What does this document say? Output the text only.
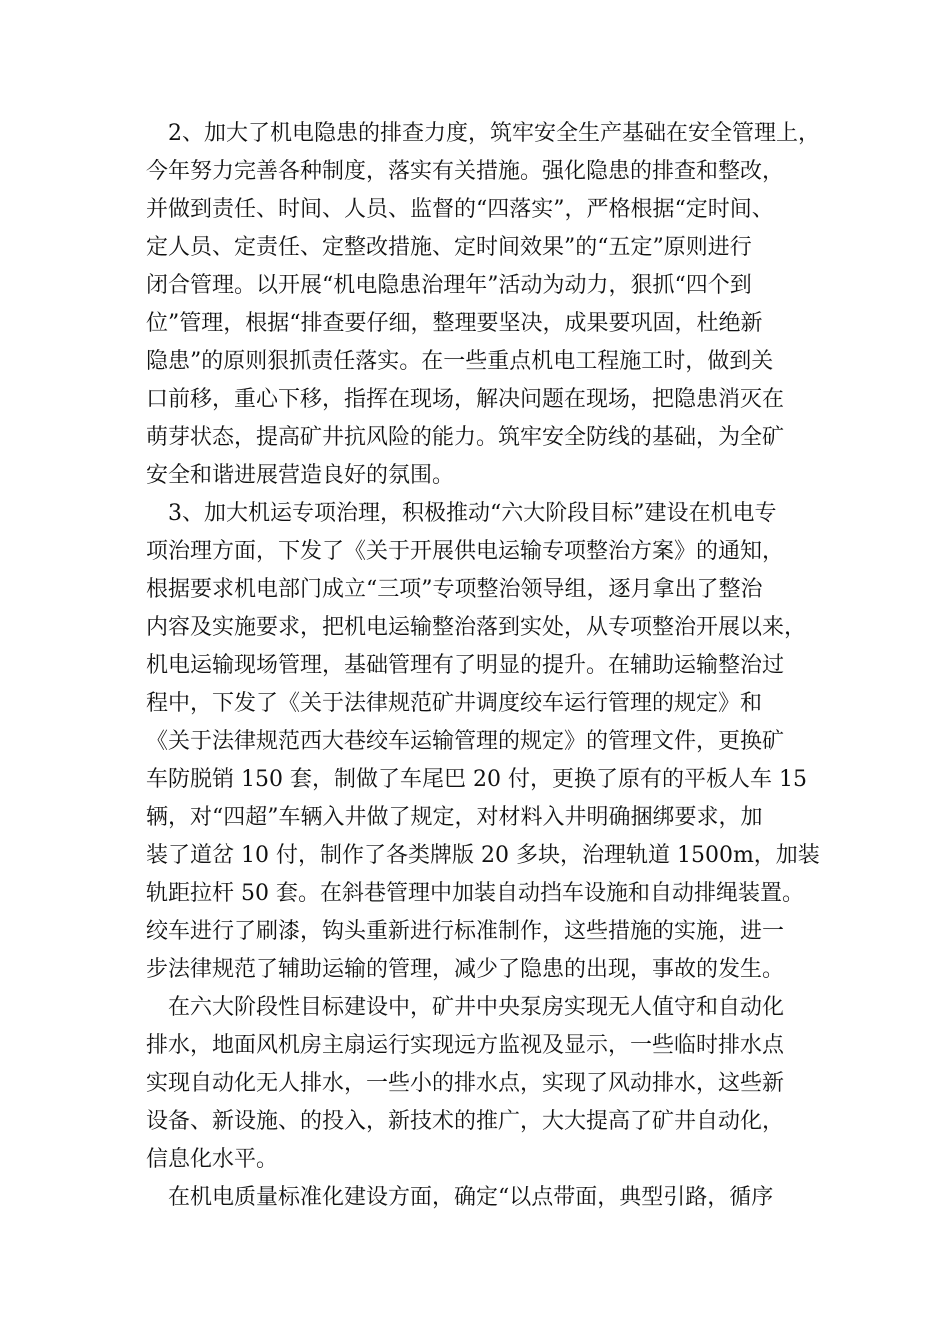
2、加大了机电隐患的排查力度，筑牢安全生产基础在安全管理上，
今年努力完善各种制度，落实有关措施。强化隐患的排查和整改，
并做到责任、时间、人员、监督的“四落实”，严格根据“定时间、
定人员、定责任、定整改措施、定时间效果”的“五定”原则进行
闭合管理。以开展“机电隐患治理年”活动为动力，狠抓“四个到
位”管理，根据“排查要仔细，整理要坚决，成果要巩固，杜绝新
隐患”的原则狠抓责任落实。在一些重点机电工程施工时，做到关
口前移，重心下移，指挥在现场，解决问题在现场，把隐患消灭在
萌芽状态，提高矿井抗风险的能力。筑牢安全防线的基础，为全矿
安全和谐进展营造良好的氛围。
3、加大机运专项治理，积极推动“六大阶段目标”建设在机电专
项治理方面，下发了《关于开展供电运输专项整治方案》的通知，
根据要求机电部门成立“三项”专项整治领导组，逐月拿出了整治
内容及实施要求，把机电运输整治落到实处，从专项整治开展以来，
机电运输现场管理，基础管理有了明显的提升。在辅助运输整治过
程中，下发了《关于法律规范矿井调度绞车运行管理的规定》和
《关于法律规范西大巷绞车运输管理的规定》的管理文件，更换矿
车防脱销 150 套，制做了车尾巴 20 付，更换了原有的平板人车 15
辆，对“四超”车辆入井做了规定，对材料入井明确捆绑要求，加
装了道岔 10 付，制作了各类牌版 20 多块，治理轨道 1500m，加装
轨距拉杆 50 套。在斜巷管理中加装自动挡车设施和自动排绳装置。
绞车进行了刷漆，钩头重新进行标准制作，这些措施的实施，进一
步法律规范了辅助运输的管理，减少了隐患的出现，事故的发生。
在六大阶段性目标建设中，矿井中央泵房实现无人值守和自动化
排水，地面风机房主扇运行实现远方监视及显示，一些临时排水点
实现自动化无人排水，一些小的排水点，实现了风动排水，这些新
设备、新设施、的投入，新技术的推广，大大提高了矿井自动化，
信息化水平。
在机电质量标准化建设方面，确定“以点带面，典型引路，循序
